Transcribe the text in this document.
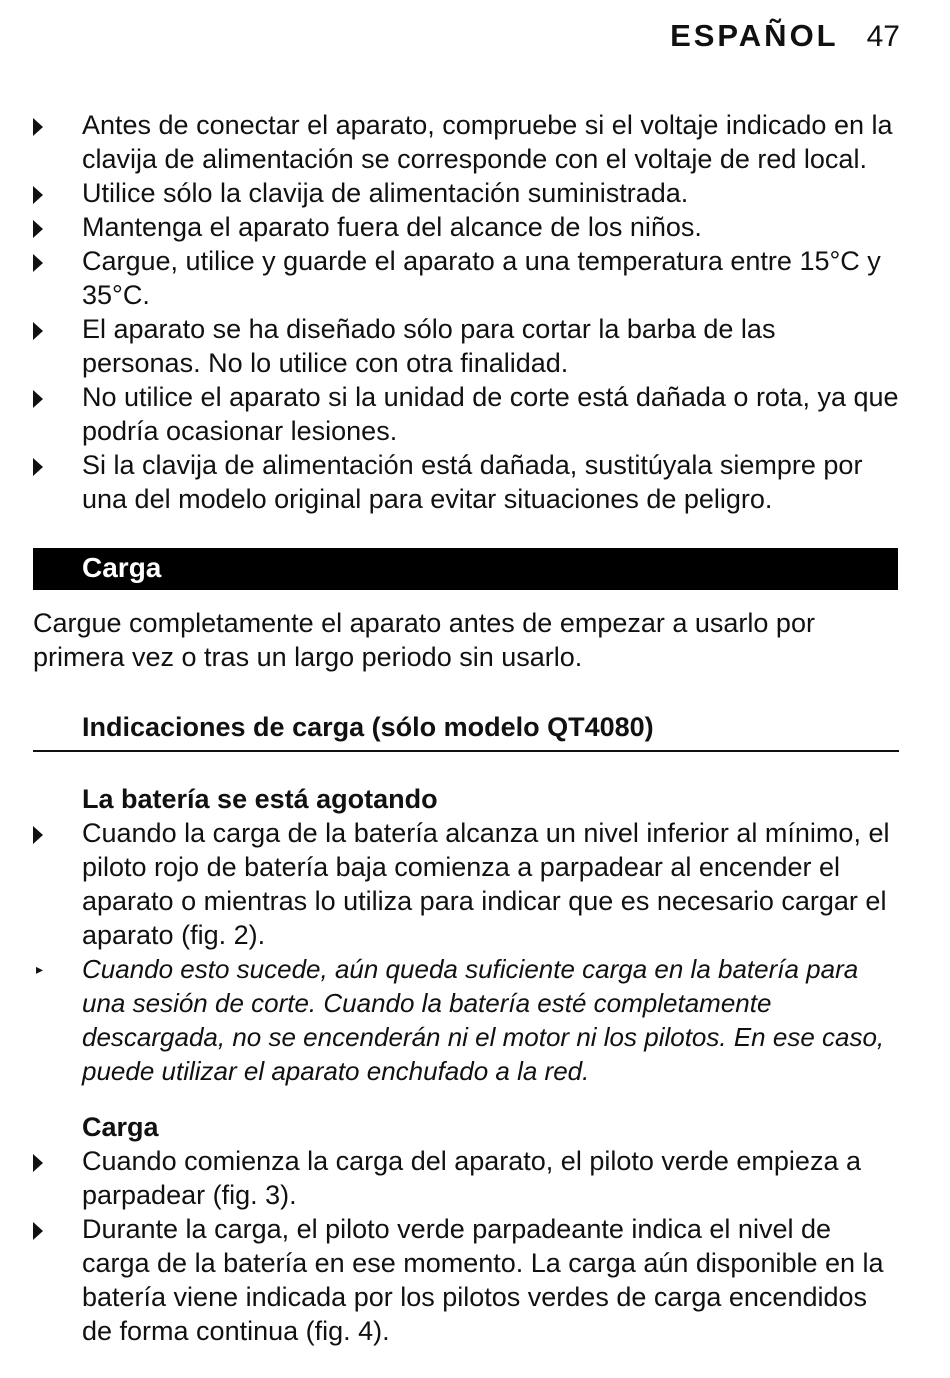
ESPAÑOL 47
Antes de conectar el aparato, compruebe si el voltaje indicado en la clavija de alimentación se corresponde con el voltaje de red local.
Utilice sólo la clavija de alimentación suministrada.
Mantenga el aparato fuera del alcance de los niños.
Cargue, utilice y guarde el aparato a una temperatura entre 15°C y 35°C.
El aparato se ha diseñado sólo para cortar la barba de las personas. No lo utilice con otra finalidad.
No utilice el aparato si la unidad de corte está dañada o rota, ya que podría ocasionar lesiones.
Si la clavija de alimentación está dañada, sustitúyala siempre por una del modelo original para evitar situaciones de peligro.
Carga
Cargue completamente el aparato antes de empezar a usarlo por primera vez o tras un largo periodo sin usarlo.
Indicaciones de carga (sólo modelo QT4080)
La batería se está agotando
Cuando la carga de la batería alcanza un nivel inferior al mínimo, el piloto rojo de batería baja comienza a parpadear al encender el aparato o mientras lo utiliza para indicar que es necesario cargar el aparato (fig. 2).
▸ Cuando esto sucede, aún queda suficiente carga en la batería para una sesión de corte. Cuando la batería esté completamente descargada, no se encenderán ni el motor ni los pilotos. En ese caso, puede utilizar el aparato enchufado a la red.
Carga
Cuando comienza la carga del aparato, el piloto verde empieza a parpadear (fig. 3).
Durante la carga, el piloto verde parpadeante indica el nivel de carga de la batería en ese momento. La carga aún disponible en la batería viene indicada por los pilotos verdes de carga encendidos de forma continua (fig. 4).
